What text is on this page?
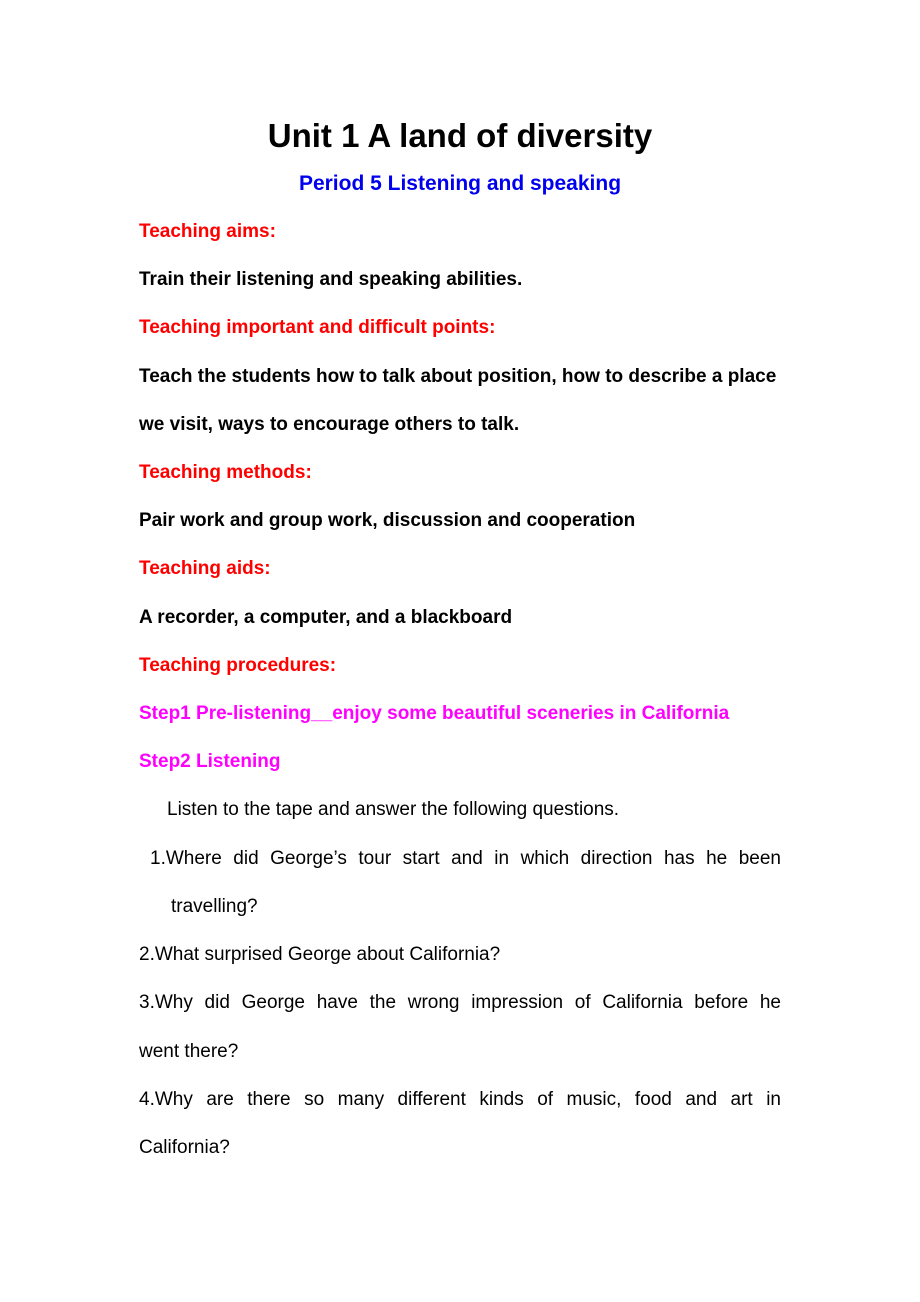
Unit 1 A land of diversity
Period 5 Listening and speaking
Teaching aims:
Train their listening and speaking abilities.
Teaching important and difficult points:
Teach the students how to talk about position, how to describe a place
we visit, ways to encourage others to talk.
Teaching methods:
Pair work and group work, discussion and cooperation
Teaching aids:
A recorder, a computer, and a blackboard
Teaching procedures:
Step1 Pre-listening__enjoy some beautiful sceneries in California
Step2 Listening
Listen to the tape and answer the following questions.
1.Where did George’s tour start and in which direction has he been
travelling?
2.What surprised George about California?
3.Why did George have the wrong impression of California before he
went there?
4.Why are there so many different kinds of music, food and art in
California?
